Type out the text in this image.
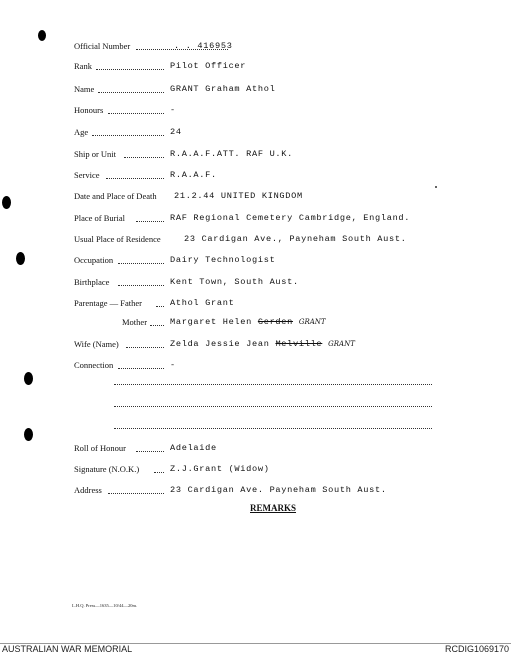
Official Number	. . 416953
Rank	Pilot Officer
Name	GRANT Graham Athol
Honours	-
Age	24
Ship or Unit	R.A.A.F.ATT. RAF U.K.
Service	R.A.A.F.
Date and Place of Death 21.2.44 UNITED KINGDOM
Place of Burial	RAF Regional Cemetery Cambridge, England.
Usual Place of Residence	23 Cardigan Ave., Payneham South Aust.
Occupation	Dairy Technologist
Birthplace	Kent Town, South Aust.
Parentage — Father	Athol Grant
Mother	Margaret Helen Gerden GRANT
Wife (Name)	Zelda Jessie Jean Melville GRANT
Connection	-
Roll of Honour	Adelaide
Signature (N.O.K.)	Z.J.Grant (Widow)
Address	23 Cardigan Ave. Payneham South Aust.
REMARKS
L.H.Q. Press—1635—10/44—20m.
AUSTRALIAN WAR MEMORIAL	RCDIG1069170
